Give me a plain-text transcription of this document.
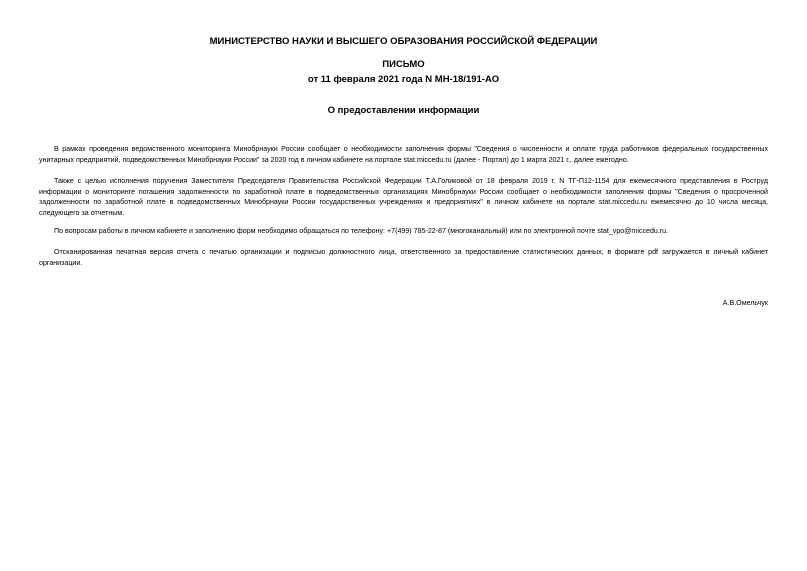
МИНИСТЕРСТВО НАУКИ И ВЫСШЕГО ОБРАЗОВАНИЯ РОССИЙСКОЙ ФЕДЕРАЦИИ
ПИСЬМО
от 11 февраля 2021 года N МН-18/191-АО
О предоставлении информации

В рамках проведения ведомственного мониторинга Минобрнауки России сообщает о необходимости заполнения формы "Сведения о численности и оплате труда работников федеральных государственных унитарных предприятий, подведомственных Минобрнауки России" за 2020 год в личном кабинете на портале stat.miccedu.ru (далее - Портал) до 1 марта 2021 г., далее ежегодно.

Также с целью исполнения поручения Заместителя Председателя Правительства Российской Федерации Т.А.Голиковой от 18 февраля 2019 г. N ТГ-П12-1154 для ежемесячного представления в Роструд информации о мониторинге погашения задолженности по заработной плате в подведомственных организациях Минобрнауки России сообщает о необходимости заполнения формы "Сведения о просроченной задолженности по заработной плате в подведомственных Минобрнауки России государственных учреждениях и предприятиях" в личном кабинете на портале stat.miccedu.ru ежемесячно до 10 числа месяца, следующего за отчетным.

По вопросам работы в личном кабинете и заполнению форм необходимо обращаться по телефону: +7(499) 785-22-87 (многоканальный) или по электронной почте stat_vpo@miccedu.ru.

Отсканированная печатная версия отчета с печатью организации и подписью должностного лица, ответственного за предоставление статистических данных, в формате pdf загружается в личный кабинет организации.

А.В.Омельчук
